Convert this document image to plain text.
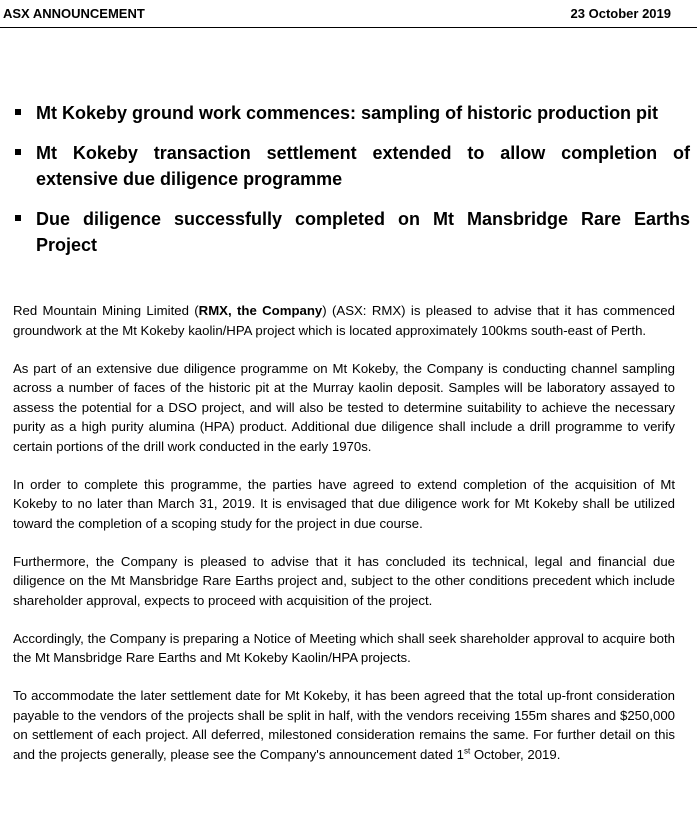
ASX ANNOUNCEMENT	23 October 2019
Mt Kokeby ground work commences: sampling of historic production pit
Mt Kokeby transaction settlement extended to allow completion of extensive due diligence programme
Due diligence successfully completed on Mt Mansbridge Rare Earths Project

Red Mountain Mining Limited (RMX, the Company) (ASX: RMX) is pleased to advise that it has commenced groundwork at the Mt Kokeby kaolin/HPA project which is located approximately 100kms south-east of Perth.

As part of an extensive due diligence programme on Mt Kokeby, the Company is conducting channel sampling across a number of faces of the historic pit at the Murray kaolin deposit. Samples will be laboratory assayed to assess the potential for a DSO project, and will also be tested to determine suitability to achieve the necessary purity as a high purity alumina (HPA) product. Additional due diligence shall include a drill programme to verify certain portions of the drill work conducted in the early 1970s.

In order to complete this programme, the parties have agreed to extend completion of the acquisition of Mt Kokeby to no later than March 31, 2019. It is envisaged that due diligence work for Mt Kokeby shall be utilized toward the completion of a scoping study for the project in due course.

Furthermore, the Company is pleased to advise that it has concluded its technical, legal and financial due diligence on the Mt Mansbridge Rare Earths project and, subject to the other conditions precedent which include shareholder approval, expects to proceed with acquisition of the project.

Accordingly, the Company is preparing a Notice of Meeting which shall seek shareholder approval to acquire both the Mt Mansbridge Rare Earths and Mt Kokeby Kaolin/HPA projects.

To accommodate the later settlement date for Mt Kokeby, it has been agreed that the total up-front consideration payable to the vendors of the projects shall be split in half, with the vendors receiving 155m shares and $250,000 on settlement of each project. All deferred, milestoned consideration remains the same. For further detail on this and the projects generally, please see the Company's announcement dated 1st October, 2019.
